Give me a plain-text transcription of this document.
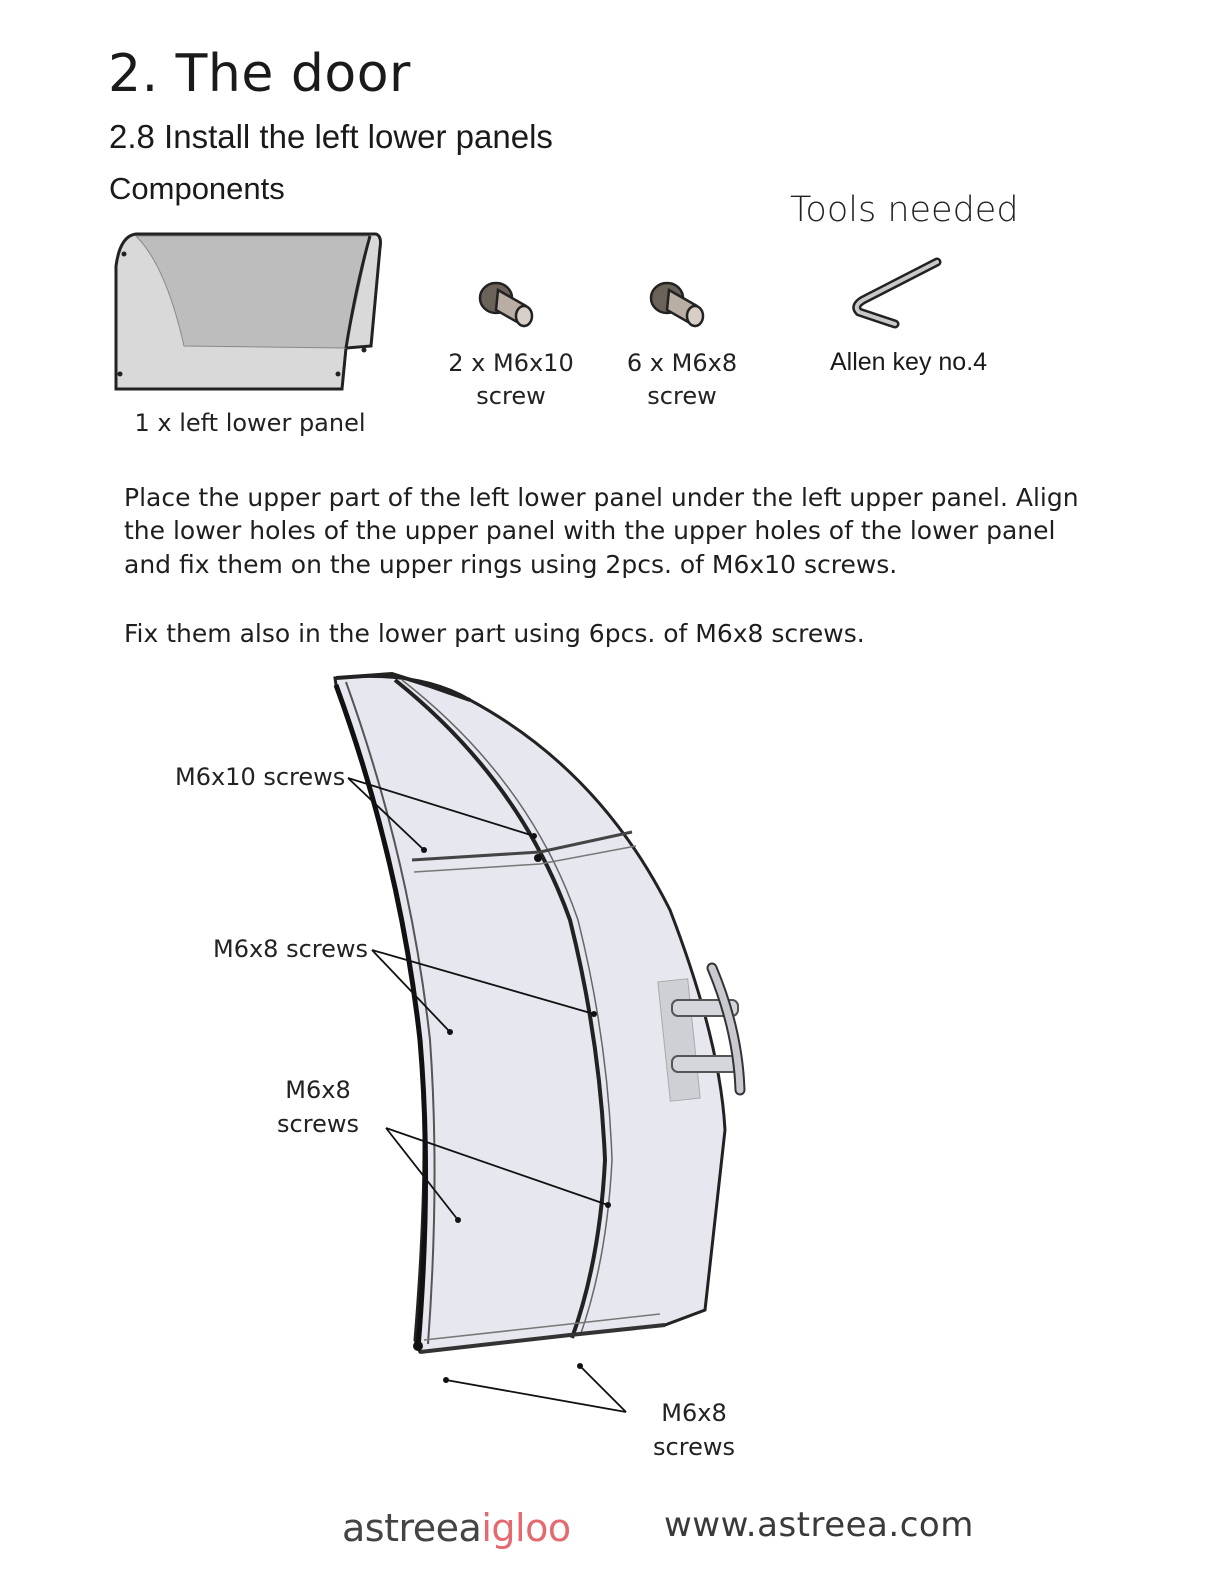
2. The door
2.8 Install the left lower panels
Components
Tools needed
1 x left lower panel
2 x M6x10
screw
6 x M6x8
screw
Allen key no.4
Place the upper part of the left lower panel under the left upper panel. Align
the lower holes of the upper panel with the upper holes of the lower panel
and fix them on the upper rings using 2pcs. of M6x10 screws.
Fix them also in the lower part using 6pcs. of M6x8 screws.
M6x10 screws
M6x8 screws
M6x8
screws
M6x8
screws
astreeaigloo	www.astreea.com
